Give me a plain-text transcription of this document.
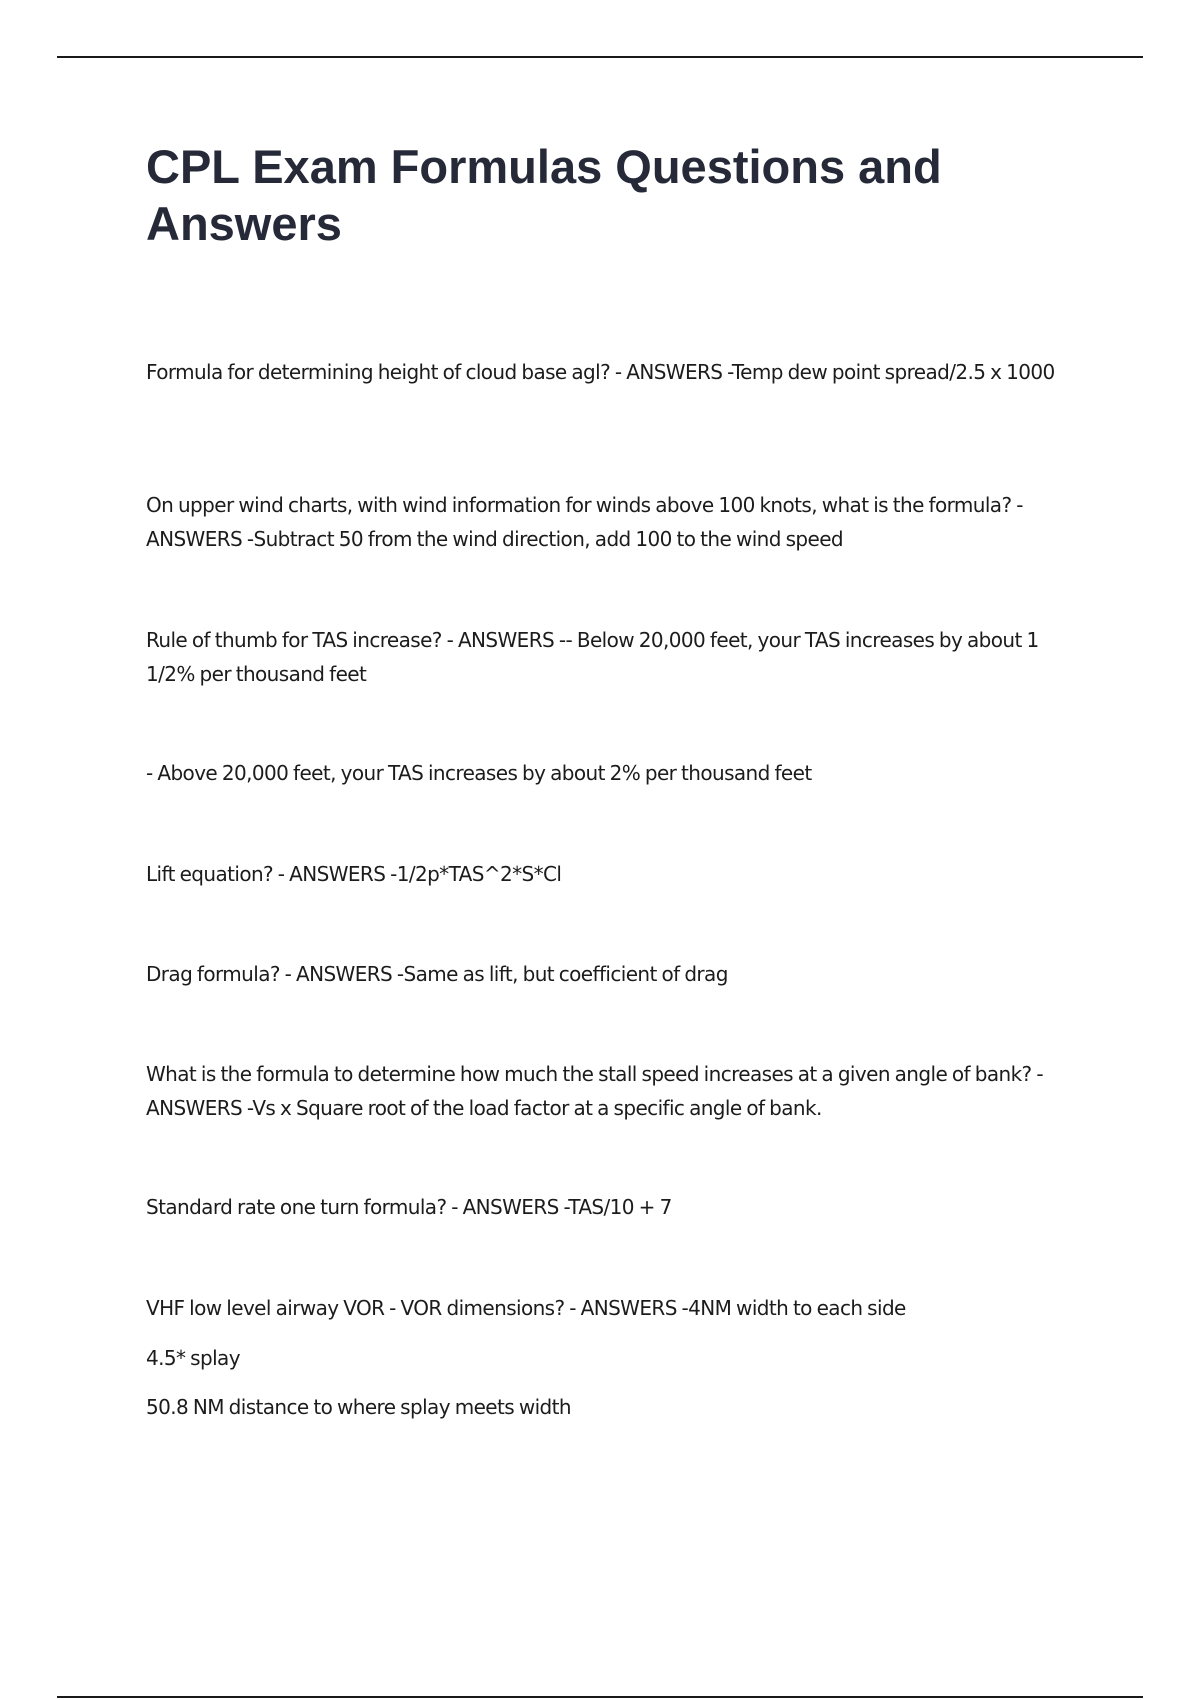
CPL Exam Formulas Questions and Answers

Formula for determining height of cloud base agl? - ANSWERS -Temp dew point spread/2.5 x 1000

On upper wind charts, with wind information for winds above 100 knots, what is the formula? - ANSWERS -Subtract 50 from the wind direction, add 100 to the wind speed

Rule of thumb for TAS increase? - ANSWERS -- Below 20,000 feet, your TAS increases by about 1 1/2% per thousand feet

- Above 20,000 feet, your TAS increases by about 2% per thousand feet

Lift equation? - ANSWERS -1/2p*TAS^2*S*Cl

Drag formula? - ANSWERS -Same as lift, but coefficient of drag

What is the formula to determine how much the stall speed increases at a given angle of bank? - ANSWERS -Vs x Square root of the load factor at a specific angle of bank.

Standard rate one turn formula? - ANSWERS -TAS/10 + 7

VHF low level airway VOR - VOR dimensions? - ANSWERS -4NM width to each side

4.5* splay

50.8 NM distance to where splay meets width
